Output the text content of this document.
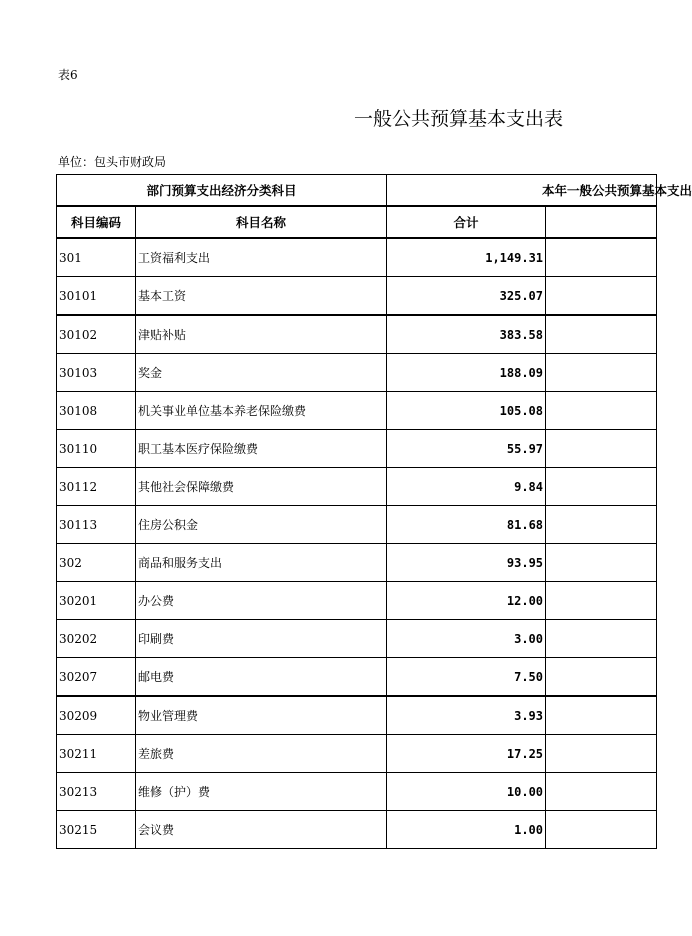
表6
一般公共预算基本支出表
部门预算支出经济分类科目		本年一般公共预算基本支出	
科目编码	科目名称	合计	
301	工资福利支出	1,149.31	
30101	基本工资	325.07	
30102	津贴补贴	383.58	
30103	奖金	188.09	
30108	机关事业单位基本养老保险缴费	105.08	
30110	职工基本医疗保险缴费	55.97	
30112	其他社会保障缴费	9.84	
30113	住房公积金	81.68	
302	商品和服务支出	93.95	
30201	办公费	12.00	
30202	印刷费	3.00	
30207	邮电费	7.50	
30209	物业管理费	3.93	
30211	差旅费	17.25	
30213	维修（护）费	10.00	
30215	会议费	1.00	
单位：包头市财政局
